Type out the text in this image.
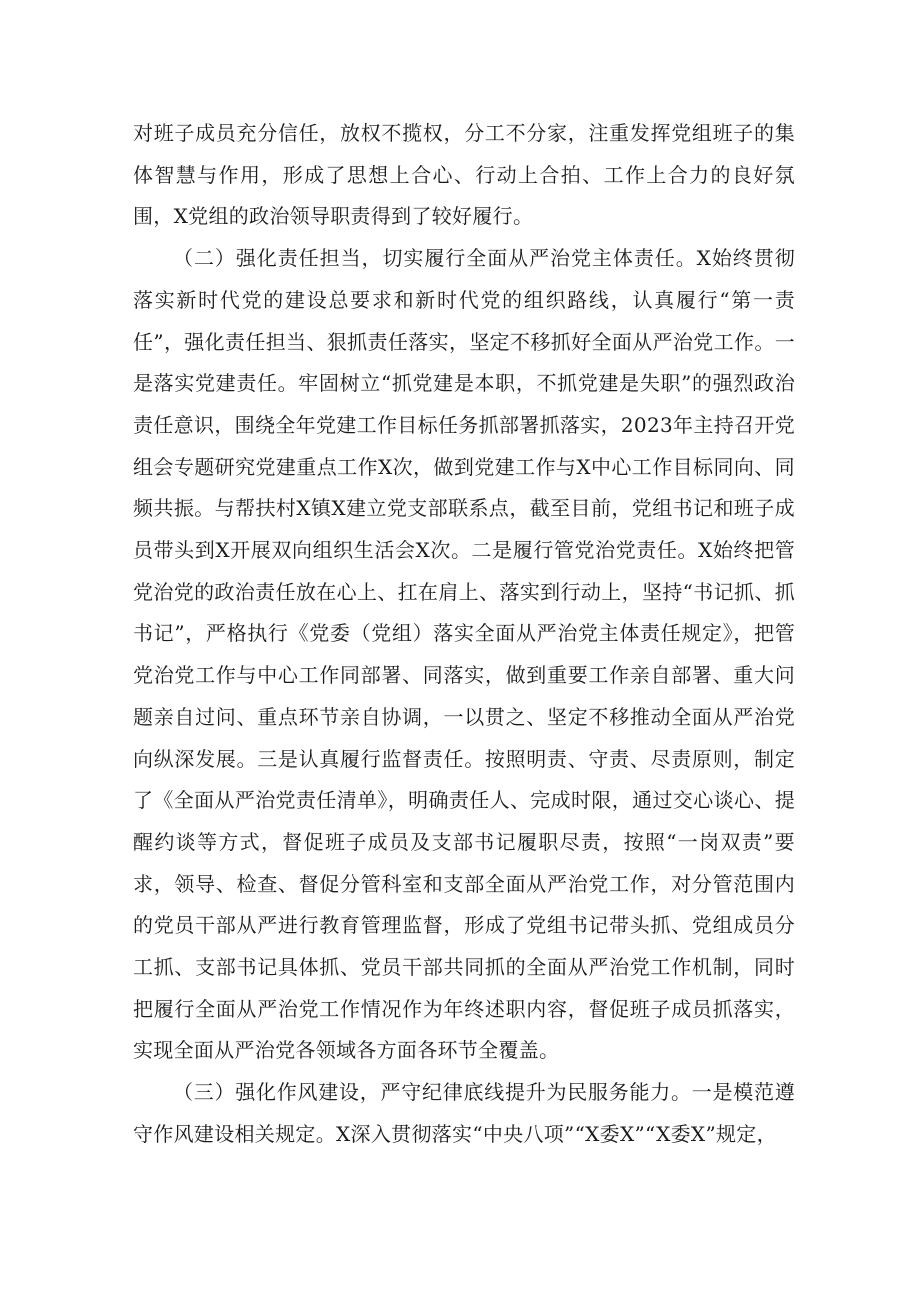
对班子成员充分信任，放权不揽权，分工不分家，注重发挥党组班子的集体智慧与作用，形成了思想上合心、行动上合拍、工作上合力的良好氛围，X党组的政治领导职责得到了较好履行。

（二）强化责任担当，切实履行全面从严治党主体责任。X始终贯彻落实新时代党的建设总要求和新时代党的组织路线，认真履行“第一责任”，强化责任担当、狠抓责任落实，坚定不移抓好全面从严治党工作。一是落实党建责任。牢固树立“抓党建是本职，不抓党建是失职”的强烈政治责任意识，围绕全年党建工作目标任务抓部署抓落实，2023年主持召开党组会专题研究党建重点工作X次，做到党建工作与X中心工作目标同向、同频共振。与帮扶村X镇X建立党支部联系点，截至目前，党组书记和班子成员带头到X开展双向组织生活会X次。二是履行管党治党责任。X始终把管党治党的政治责任放在心上、扛在肩上、落实到行动上，坚持“书记抓、抓书记”，严格执行《党委（党组）落实全面从严治党主体责任规定》，把管党治党工作与中心工作同部署、同落实，做到重要工作亲自部署、重大问题亲自过问、重点环节亲自协调，一以贯之、坚定不移推动全面从严治党向纵深发展。三是认真履行监督责任。按照明责、守责、尽责原则，制定了《全面从严治党责任清单》，明确责任人、完成时限，通过交心谈心、提醒约谈等方式，督促班子成员及支部书记履职尽责，按照“一岗双责”要求，领导、检查、督促分管科室和支部全面从严治党工作，对分管范围内的党员干部从严进行教育管理监督，形成了党组书记带头抓、党组成员分工抓、支部书记具体抓、党员干部共同抓的全面从严治党工作机制，同时把履行全面从严治党工作情况作为年终述职内容，督促班子成员抓落实，实现全面从严治党各领域各方面各环节全覆盖。

（三）强化作风建设，严守纪律底线提升为民服务能力。一是模范遵守作风建设相关规定。X深入贯彻落实“中央八项”“X委X”“X委X”规定，
